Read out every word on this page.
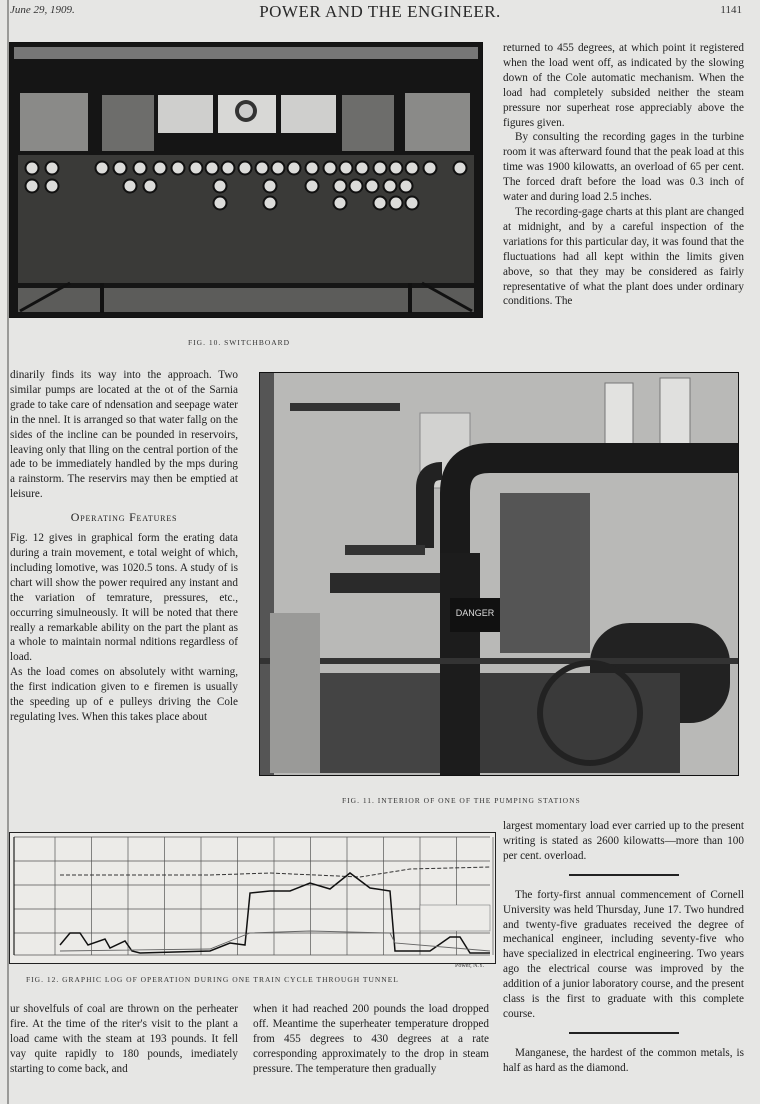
June 29, 1909.	POWER AND THE ENGINEER.	1141
FIG. 10. SWITCHBOARD

returned to 455 degrees, at which point it registered when the load went off, as indicated by the slowing down of the Cole automatic mechanism. When the load had completely subsided neither the steam pressure nor superheat rose appreciably above the figures given.

By consulting the recording gages in the turbine room it was afterward found that the peak load at this time was 1900 kilowatts, an overload of 65 per cent. The forced draft before the load was 0.3 inch of water and during load 2.5 inches.

The recording-gage charts at this plant are changed at midnight, and by a careful inspection of the variations for this particular day, it was found that the fluctuations had all kept within the limits given above, so that they may be considered as fairly representative of what the plant does under ordinary conditions. The

dinarily finds its way into the approach. Two similar pumps are located at the ot of the Sarnia grade to take care of ndensation and seepage water in the nnel. It is arranged so that water fallg on the sides of the incline can be pounded in reservoirs, leaving only that lling on the central portion of the ade to be immediately handled by the mps during a rainstorm. The reservirs may then be emptied at leisure.

Operating Features

Fig. 12 gives in graphical form the erating data during a train movement, e total weight of which, including lomotive, was 1020.5 tons. A study of is chart will show the power required any instant and the variation of temrature, pressures, etc., occurring simulneously. It will be noted that there really a remarkable ability on the part the plant as a whole to maintain normal nditions regardless of load.

As the load comes on absolutely witht warning, the first indication given to e firemen is usually the speeding up of e pulleys driving the Cole regulating lves. When this takes place about

DANGER
FIG. 11. INTERIOR OF ONE OF THE PUMPING STATIONS
FIG. 12. GRAPHIC LOG OF OPERATION DURING ONE TRAIN CYCLE THROUGH TUNNEL
Power, N.Y.

largest momentary load ever carried up to the present writing is stated as 2600 kilowatts—more than 100 per cent. overload.

The forty-first annual commencement of Cornell University was held Thursday, June 17. Two hundred and twenty-five graduates received the degree of mechanical engineer, including seventy-five who have specialized in electrical engineering. Two years ago the electrical course was improved by the addition of a junior laboratory course, and the present class is the first to graduate with this complete course.

Manganese, the hardest of the common metals, is half as hard as the diamond.

ur shovelfuls of coal are thrown on the perheater fire. At the time of the riter's visit to the plant a load came with the steam at 193 pounds. It fell vay quite rapidly to 180 pounds, imediately starting to come back, and

when it had reached 200 pounds the load dropped off. Meantime the superheater temperature dropped from 455 degrees to 430 degrees at a rate corresponding approximately to the drop in steam pressure. The temperature then gradually
